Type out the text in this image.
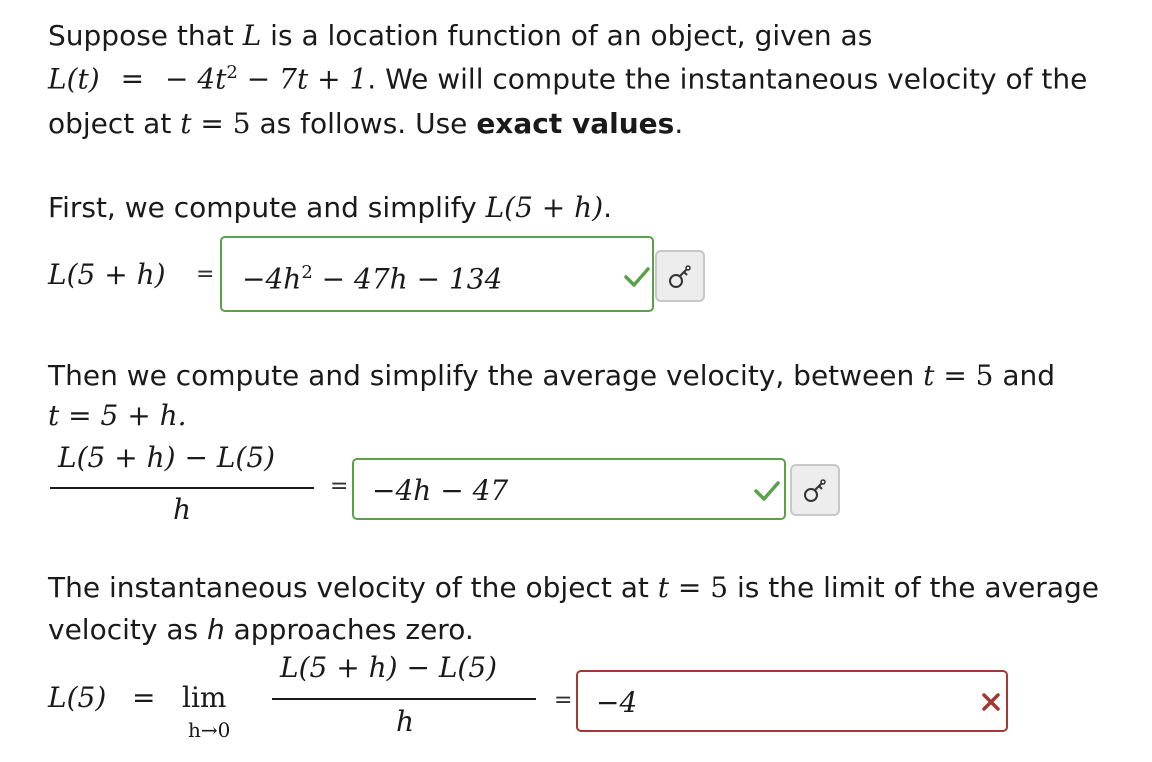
Suppose that L is a location function of an object, given as
L(t) = − $4t^2 - 7t + 1$. We will compute the instantaneous velocity of the
object at t = 5 as follows. Use exact values.
First, we compute and simplify L(5 + h).
$L(5 + h) = -4h^2 - 47h - 134$
Then we compute and simplify the average velocity, between t = 5 and
t = 5 + h.
L(5 + h) − L(5)
h
= −4h − 47
The instantaneous velocity of the object at t = 5 is the limit of the average
velocity as h approaches zero.
L(5) = lim
h→0
L(5 + h) − L(5)
h
= −4
